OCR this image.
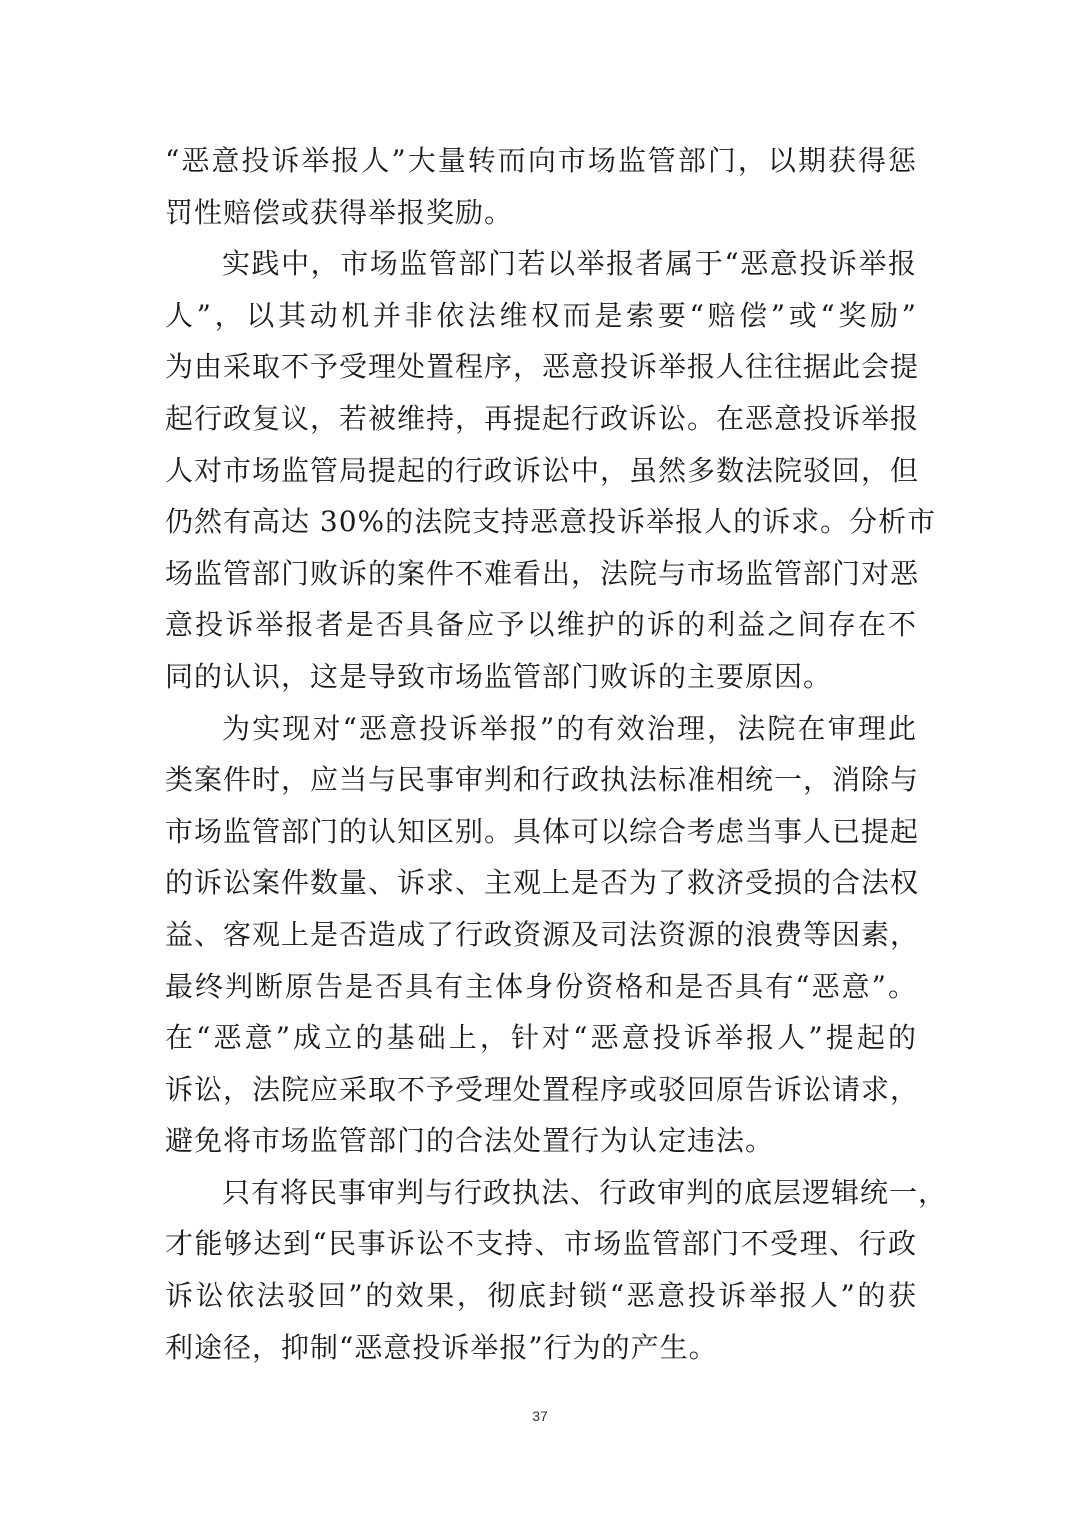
“恶意投诉举报人”大量转而向市场监管部门，以期获得惩
罚性赔偿或获得举报奖励。
实践中，市场监管部门若以举报者属于“恶意投诉举报
人”，以其动机并非依法维权而是索要“赔偿”或“奖励”
为由采取不予受理处置程序，恶意投诉举报人往往据此会提
起行政复议，若被维持，再提起行政诉讼。在恶意投诉举报
人对市场监管局提起的行政诉讼中，虽然多数法院驳回，但
仍然有高达 30%的法院支持恶意投诉举报人的诉求。分析市
场监管部门败诉的案件不难看出，法院与市场监管部门对恶
意投诉举报者是否具备应予以维护的诉的利益之间存在不
同的认识，这是导致市场监管部门败诉的主要原因。
为实现对“恶意投诉举报”的有效治理，法院在审理此
类案件时，应当与民事审判和行政执法标准相统一，消除与
市场监管部门的认知区别。具体可以综合考虑当事人已提起
的诉讼案件数量、诉求、主观上是否为了救济受损的合法权
益、客观上是否造成了行政资源及司法资源的浪费等因素，
最终判断原告是否具有主体身份资格和是否具有“恶意”。
在“恶意”成立的基础上，针对“恶意投诉举报人”提起的
诉讼，法院应采取不予受理处置程序或驳回原告诉讼请求，
避免将市场监管部门的合法处置行为认定违法。
只有将民事审判与行政执法、行政审判的底层逻辑统一，
才能够达到“民事诉讼不支持、市场监管部门不受理、行政
诉讼依法驳回”的效果，彻底封锁“恶意投诉举报人”的获
利途径，抑制“恶意投诉举报”行为的产生。
37
